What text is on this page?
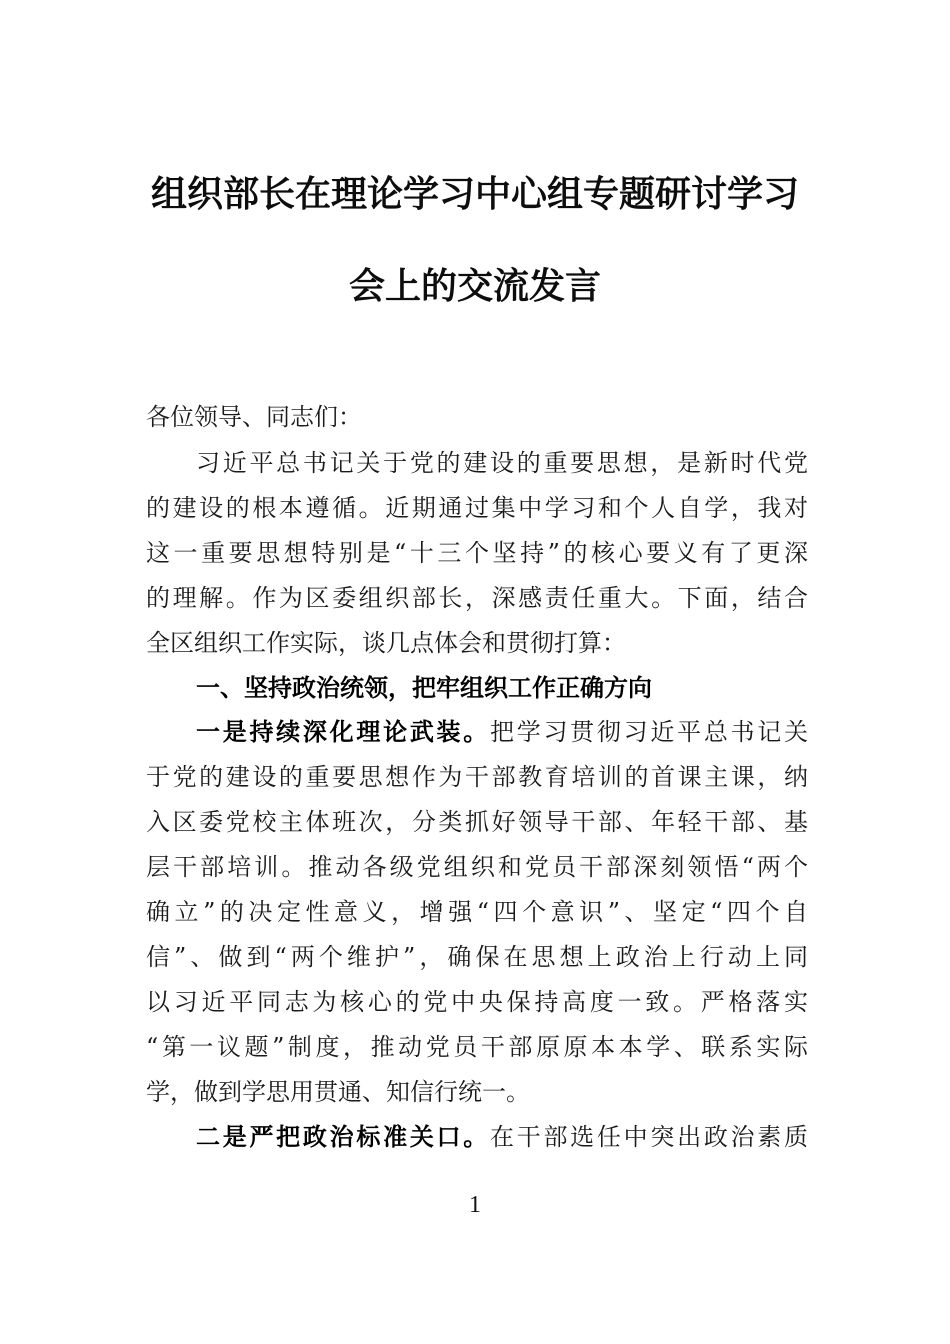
组织部长在理论学习中心组专题研讨学习
会上的交流发言
各位领导、同志们：
习近平总书记关于党的建设的重要思想，是新时代党
的建设的根本遵循。近期通过集中学习和个人自学，我对
这一重要思想特别是“十三个坚持”的核心要义有了更深
的理解。作为区委组织部长，深感责任重大。下面，结合
全区组织工作实际，谈几点体会和贯彻打算：
一、坚持政治统领，把牢组织工作正确方向
一是持续深化理论武装。把学习贯彻习近平总书记关
于党的建设的重要思想作为干部教育培训的首课主课，纳
入区委党校主体班次，分类抓好领导干部、年轻干部、基
层干部培训。推动各级党组织和党员干部深刻领悟“两个
确立”的决定性意义，增强“四个意识”、坚定“四个自
信”、做到“两个维护”，确保在思想上政治上行动上同
以习近平同志为核心的党中央保持高度一致。严格落实
“第一议题”制度，推动党员干部原原本本学、联系实际
学，做到学思用贯通、知信行统一。
二是严把政治标准关口。在干部选任中突出政治素质
1
